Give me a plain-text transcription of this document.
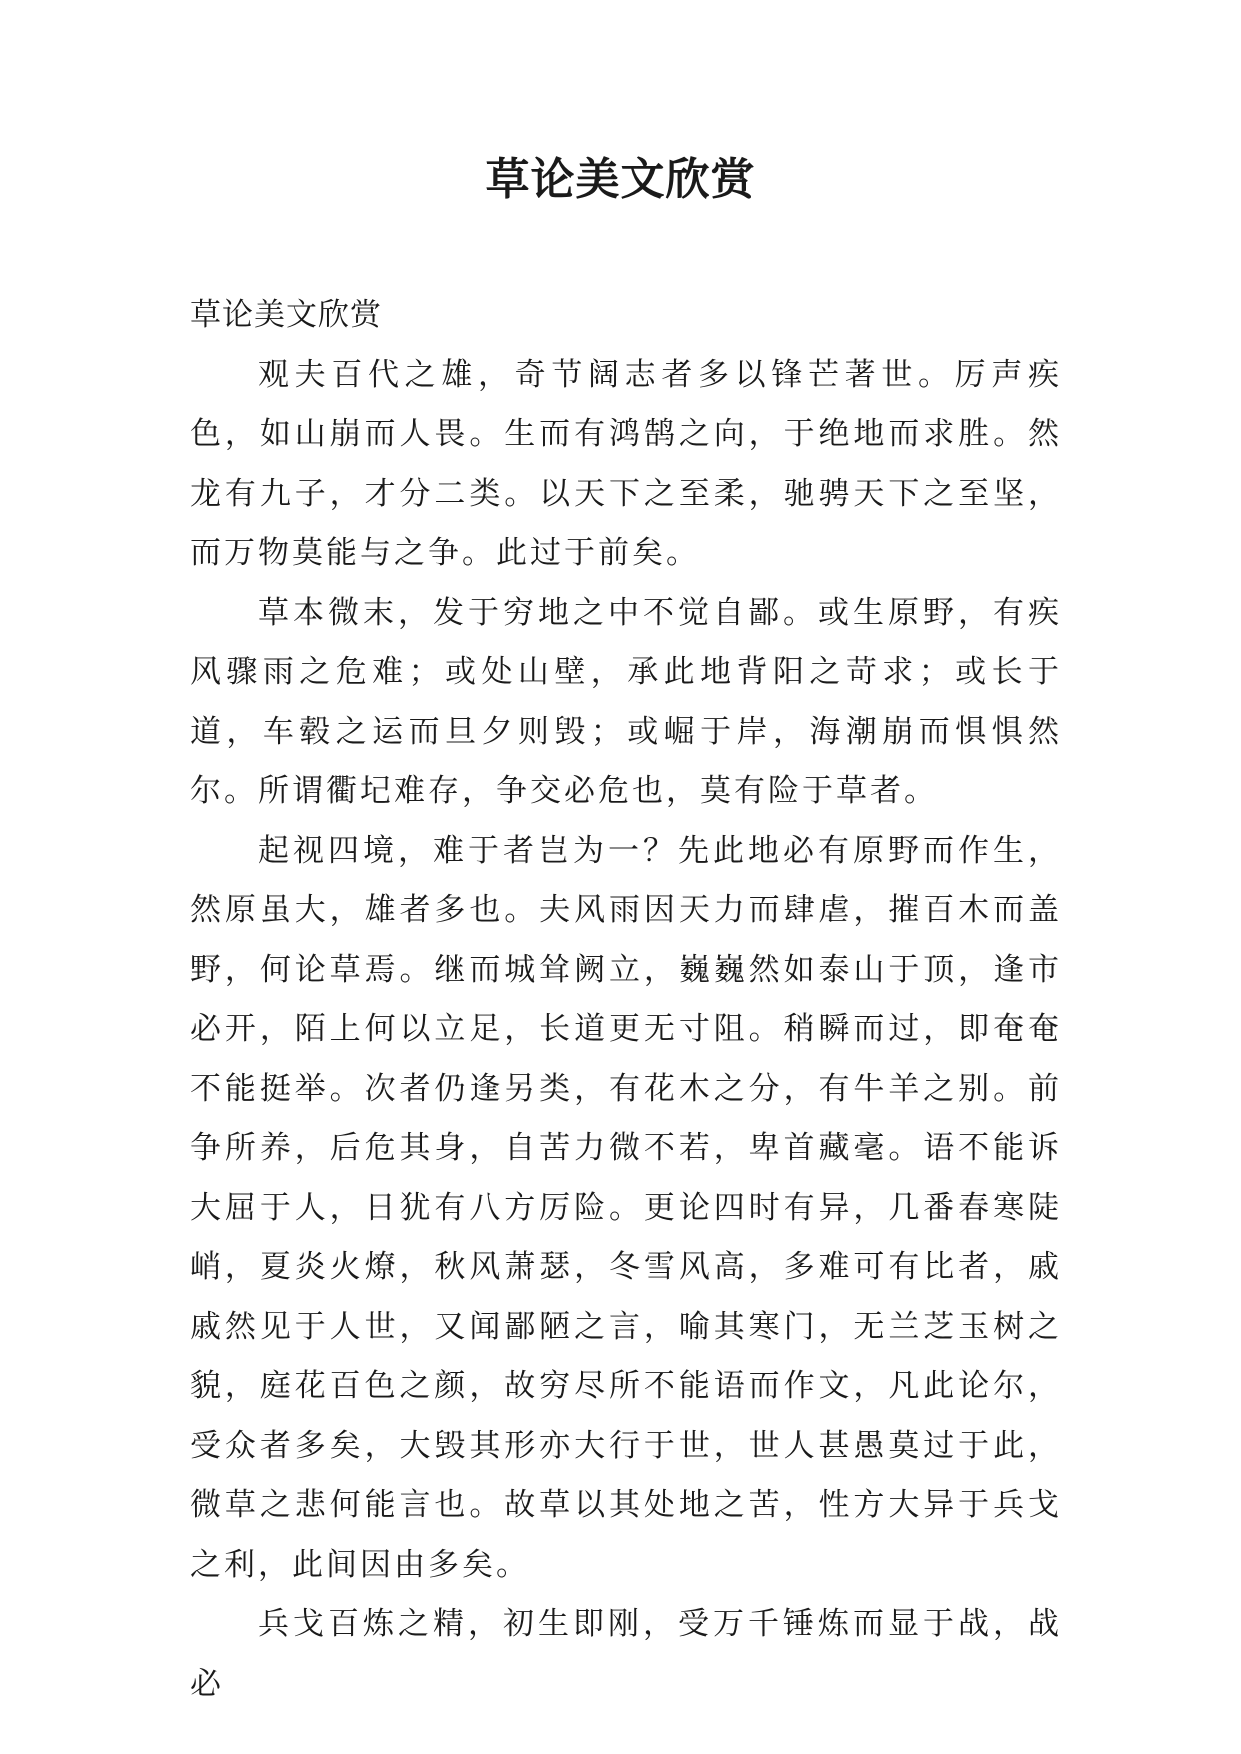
草论美文欣赏

草论美文欣赏

观夫百代之雄，奇节阔志者多以锋芒著世。厉声疾色，如山崩而人畏。生而有鸿鹄之向，于绝地而求胜。然龙有九子，才分二类。以天下之至柔，驰骋天下之至坚，而万物莫能与之争。此过于前矣。

草本微末，发于穷地之中不觉自鄙。或生原野，有疾风骤雨之危难；或处山壁，承此地背阳之苛求；或长于道，车毂之运而旦夕则毁；或崛于岸，海潮崩而惧惧然尔。所谓衢圮难存，争交必危也，莫有险于草者。

起视四境，难于者岂为一？先此地必有原野而作生，然原虽大，雄者多也。夫风雨因天力而肆虐，摧百木而盖野，何论草焉。继而城耸阙立，巍巍然如泰山于顶，逢市必开，陌上何以立足，长道更无寸阻。稍瞬而过，即奄奄不能挺举。次者仍逢另类，有花木之分，有牛羊之别。前争所养，后危其身，自苦力微不若，卑首藏毫。语不能诉大屈于人，日犹有八方厉险。更论四时有异，几番春寒陡峭，夏炎火燎，秋风萧瑟，冬雪风高，多难可有比者，戚戚然见于人世，又闻鄙陋之言，喻其寒门，无兰芝玉树之貌，庭花百色之颜，故穷尽所不能语而作文，凡此论尔，受众者多矣，大毁其形亦大行于世，世人甚愚莫过于此，微草之悲何能言也。故草以其处地之苦，性方大异于兵戈之利，此间因由多矣。

兵戈百炼之精，初生即刚，受万千锤炼而显于战，战必
